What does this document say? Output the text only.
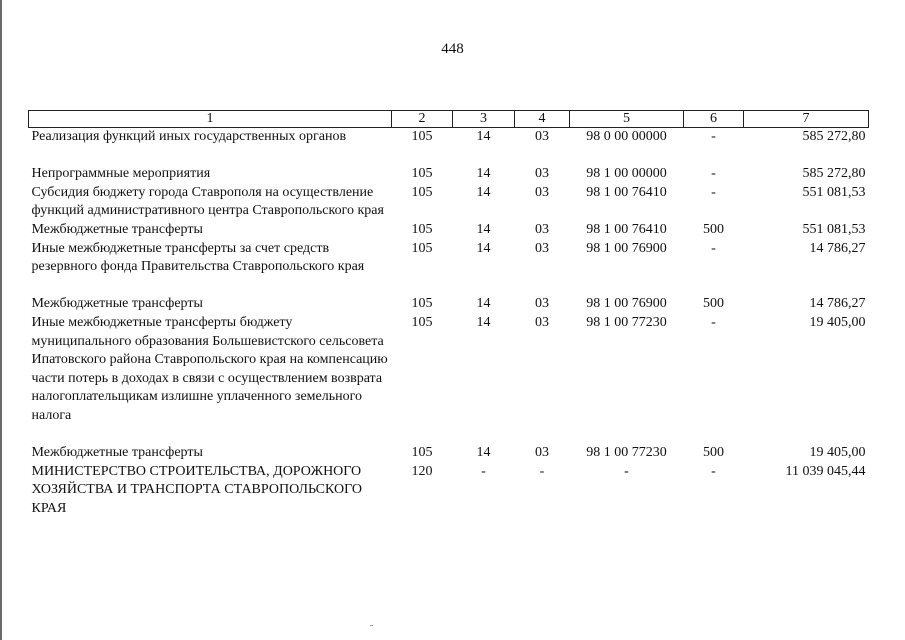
448
1	2	3	4	5	6	7
Реализация функций иных государственных органов	105	14	03	98 0 00 00000	-	585 272,80

Непрограммные мероприятия	105	14	03	98 1 00 00000	-	585 272,80
Субсидия бюджету города Ставрополя на осуществление функций административного центра Ставропольского края	105	14	03	98 1 00 76410	-	551 081,53
Межбюджетные трансферты	105	14	03	98 1 00 76410	500	551 081,53
Иные межбюджетные трансферты за счет средств резервного фонда Правительства Ставропольского края	105	14	03	98 1 00 76900	-	14 786,27

Межбюджетные трансферты	105	14	03	98 1 00 76900	500	14 786,27
Иные межбюджетные трансферты бюджету муниципального образования Большевистского сельсовета Ипатовского района Ставропольского края на компенсацию части потерь в доходах в связи с осуществлением возврата налогоплательщикам излишне уплаченного земельного налога	105	14	03	98 1 00 77230	-	19 405,00

Межбюджетные трансферты	105	14	03	98 1 00 77230	500	19 405,00
МИНИСТЕРСТВО СТРОИТЕЛЬСТВА, ДОРОЖНОГО ХОЗЯЙСТВА И ТРАНСПОРТА СТАВРОПОЛЬСКОГО КРАЯ	120	-	-	-	-	11 039 045,44
